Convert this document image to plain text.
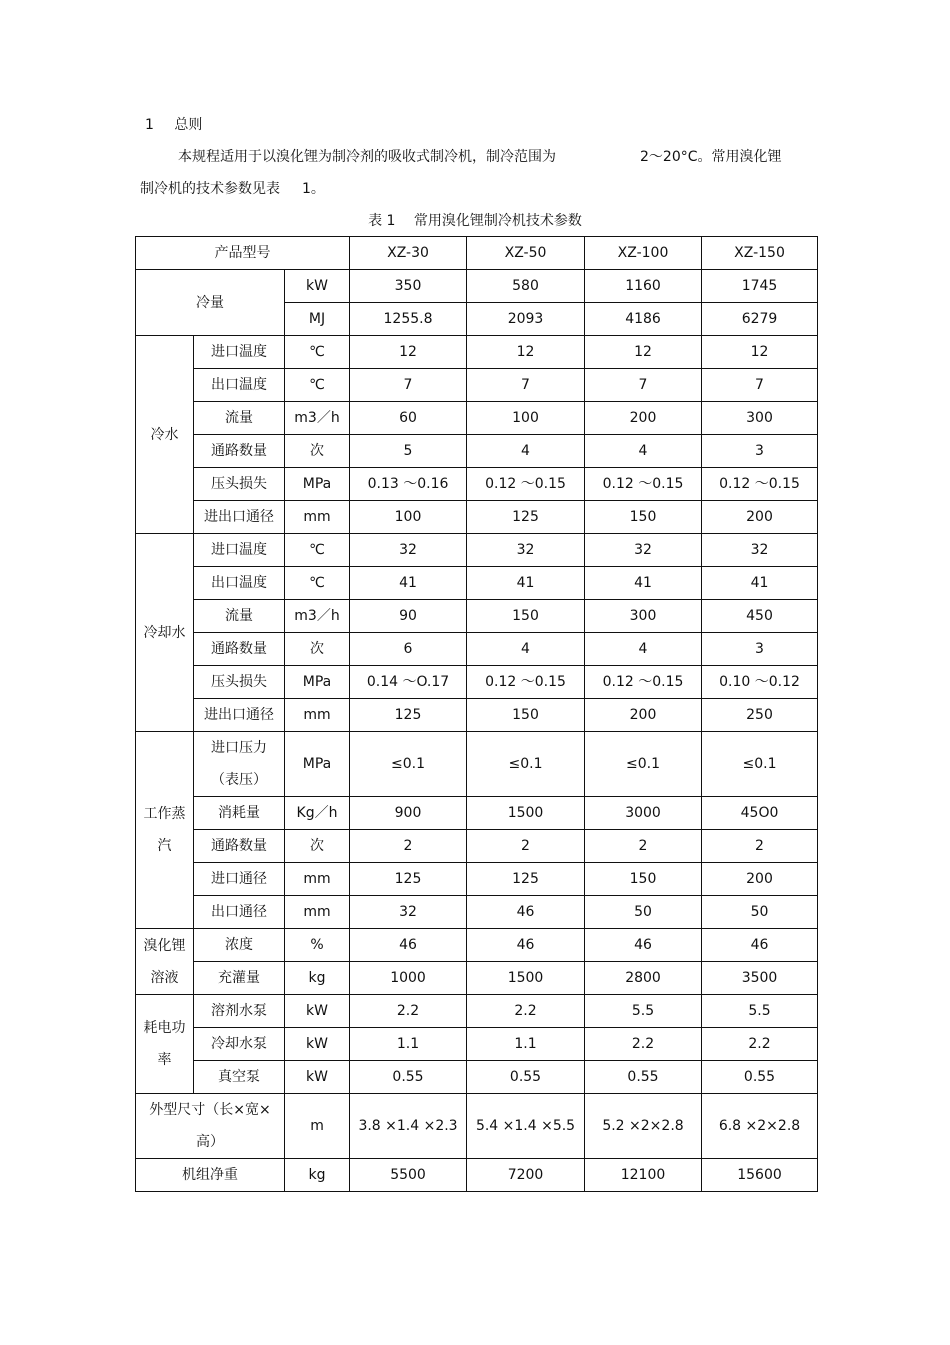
1 总则
本规程适用于以溴化锂为制冷剂的吸收式制冷机，制冷范围为	2～20°C。常用溴化锂
制冷机的技术参数见表 1。
表 1 常用溴化锂制冷机技术参数
产品型号			XZ-30	XZ-50	XZ-100	XZ-150
冷量		kW	350	580	1160	1745
		MJ	1255.8	2093	4186	6279
冷水	进口温度	℃	12	12	12	12
	出口温度	℃	7	7	7	7
	流量	m3／h	60	100	200	300
	通路数量	次	5	4	4	3
	压头损失	MPa	0.13 ～0.16	0.12 ～0.15	0.12 ～0.15	0.12 ～0.15
	进出口通径	mm	100	125	150	200
冷却水	进口温度	℃	32	32	32	32
	出口温度	℃	41	41	41	41
	流量	m3／h	90	150	300	450
	通路数量	次	6	4	4	3
	压头损失	MPa	0.14 ～O.17	0.12 ～0.15	0.12 ～0.15	0.10 ～0.12
	进出口通径	mm	125	150	200	250
工作蒸
汽	进口压力
（表压）	MPa	≤0.1	≤0.1	≤0.1	≤0.1
	消耗量	Kg／h	900	1500	3000	45O0
	通路数量	次	2	2	2	2
	进口通径	mm	125	125	150	200
	出口通径	mm	32	46	50	50
溴化锂
溶液	浓度	%	46	46	46	46
	充灌量	kg	1000	1500	2800	3500
耗电功
率	溶剂水泵	kW	2.2	2.2	5.5	5.5
	冷却水泵	kW	1.1	1.1	2.2	2.2
	真空泵	kW	0.55	0.55	0.55	0.55
外型尺寸（长×宽×
高）		m	3.8 ×1.4 ×2.3	5.4 ×1.4 ×5.5	5.2 ×2×2.8	6.8 ×2×2.8
机组净重		kg	5500	7200	12100	15600
